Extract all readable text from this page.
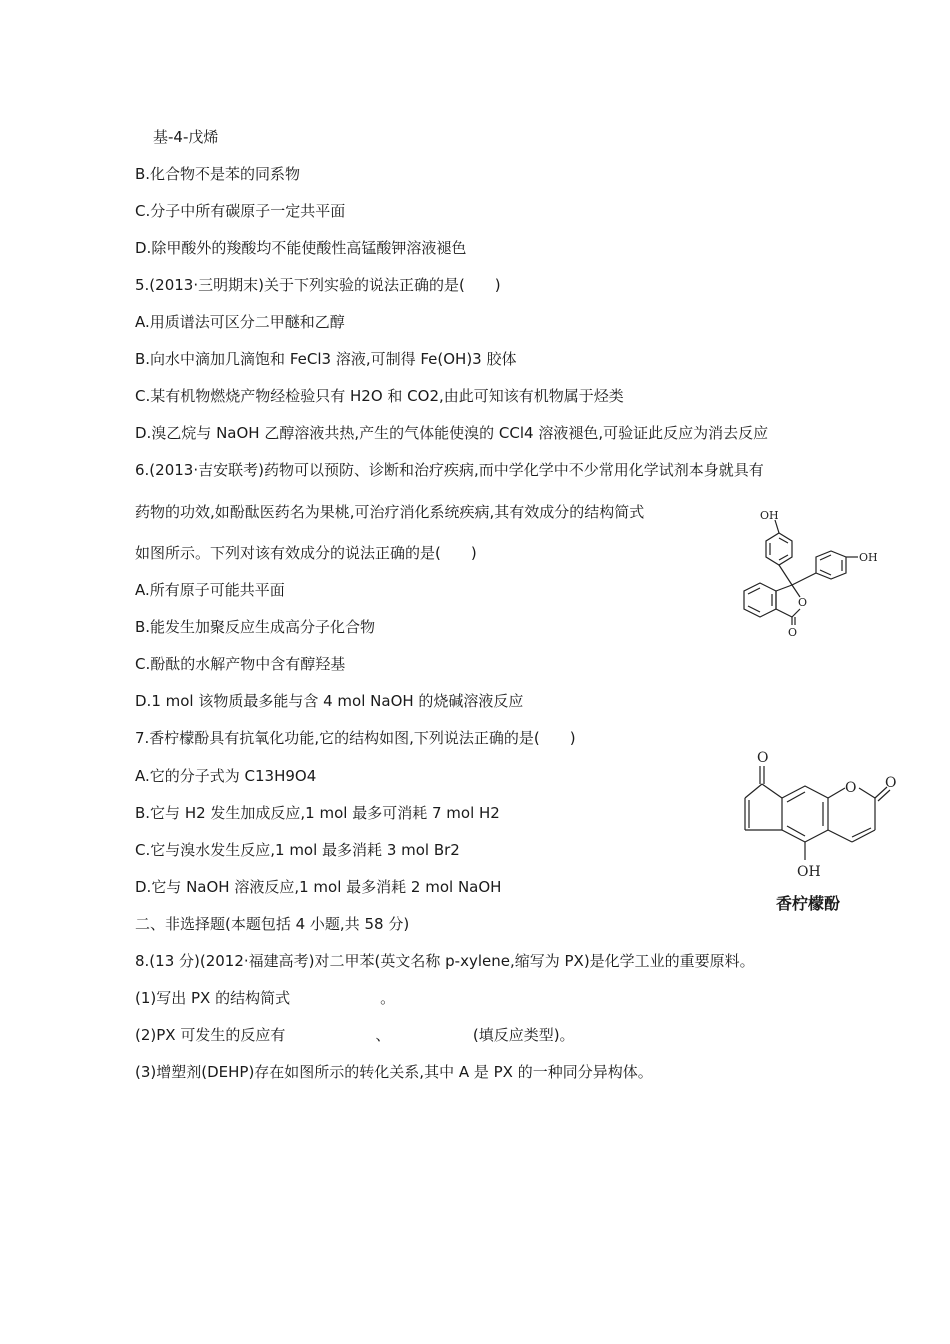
基-4-戊烯
B.化合物不是苯的同系物
C.分子中所有碳原子一定共平面
D.除甲酸外的羧酸均不能使酸性高锰酸钾溶液褪色
5.(2013·三明期末)关于下列实验的说法正确的是(　　)
A.用质谱法可区分二甲醚和乙醇
B.向水中滴加几滴饱和 FeCl3 溶液,可制得 Fe(OH)3 胶体
C.某有机物燃烧产物经检验只有 H2O 和 CO2,由此可知该有机物属于烃类
D.溴乙烷与 NaOH 乙醇溶液共热,产生的气体能使溴的 CCl4 溶液褪色,可验证此反应为消去反应
6.(2013·吉安联考)药物可以预防、诊断和治疗疾病,而中学化学中不少常用化学试剂本身就具有
药物的功效,如酚酞医药名为果桃,可治疗消化系统疾病,其有效成分的结构简式
如图所示。下列对该有效成分的说法正确的是(　　)
A.所有原子可能共平面
B.能发生加聚反应生成高分子化合物
C.酚酞的水解产物中含有醇羟基
D.1 mol 该物质最多能与含 4 mol NaOH 的烧碱溶液反应
7.香柠檬酚具有抗氧化功能,它的结构如图,下列说法正确的是(　　)
A.它的分子式为 C13H9O4
B.它与 H2 发生加成反应,1 mol 最多可消耗 7 mol H2
C.它与溴水发生反应,1 mol 最多消耗 3 mol Br2
D.它与 NaOH 溶液反应,1 mol 最多消耗 2 mol NaOH
二、非选择题(本题包括 4 小题,共 58 分)
8.(13 分)(2012·福建高考)对二甲苯(英文名称 p-xylene,缩写为 PX)是化学工业的重要原料。
(1)写出 PX 的结构简式　　　　　　。
(2)PX 可发生的反应有　　　　　　、　　　　　　(填反应类型)。
(3)增塑剂(DEHP)存在如图所示的转化关系,其中 A 是 PX 的一种同分异构体。
OH
OH
O
O
O
O O
OH
香柠檬酚
